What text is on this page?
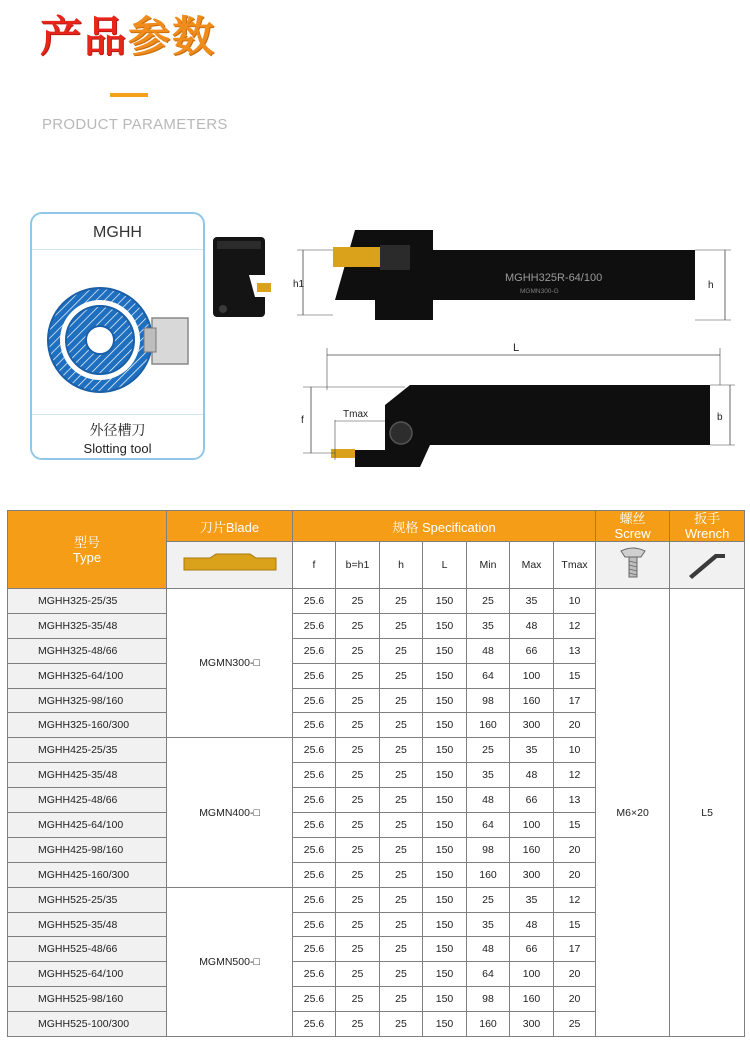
产品参数
PRODUCT PARAMETERS
MGHH
外径槽刀
Slotting tool
MGHH325R-64/100
MGMN300-G
h1	h
L
f
Tmax	b
型号
Type	刀片Blade	规格 Specification							螺丝
Screw	扳手
Wrench

	f	b=h1	h	L	Min	Max	Tmax		
MGHH325-25/35	MGMN300-□	25.6	25	25	150	25	35	10	M6×20	L5
MGHH325-35/48		25.6	25	25	150	35	48	12		
MGHH325-48/66		25.6	25	25	150	48	66	13		
MGHH325-64/100		25.6	25	25	150	64	100	15		
MGHH325-98/160		25.6	25	25	150	98	160	17		
MGHH325-160/300		25.6	25	25	150	160	300	20		
MGHH425-25/35	MGMN400-□	25.6	25	25	150	25	35	10		
MGHH425-35/48		25.6	25	25	150	35	48	12		
MGHH425-48/66		25.6	25	25	150	48	66	13		
MGHH425-64/100		25.6	25	25	150	64	100	15		
MGHH425-98/160		25.6	25	25	150	98	160	20		
MGHH425-160/300		25.6	25	25	150	160	300	20		
MGHH525-25/35	MGMN500-□	25.6	25	25	150	25	35	12		
MGHH525-35/48		25.6	25	25	150	35	48	15		
MGHH525-48/66		25.6	25	25	150	48	66	17		
MGHH525-64/100		25.6	25	25	150	64	100	20		
MGHH525-98/160		25.6	25	25	150	98	160	20		
MGHH525-100/300		25.6	25	25	150	160	300	25		
